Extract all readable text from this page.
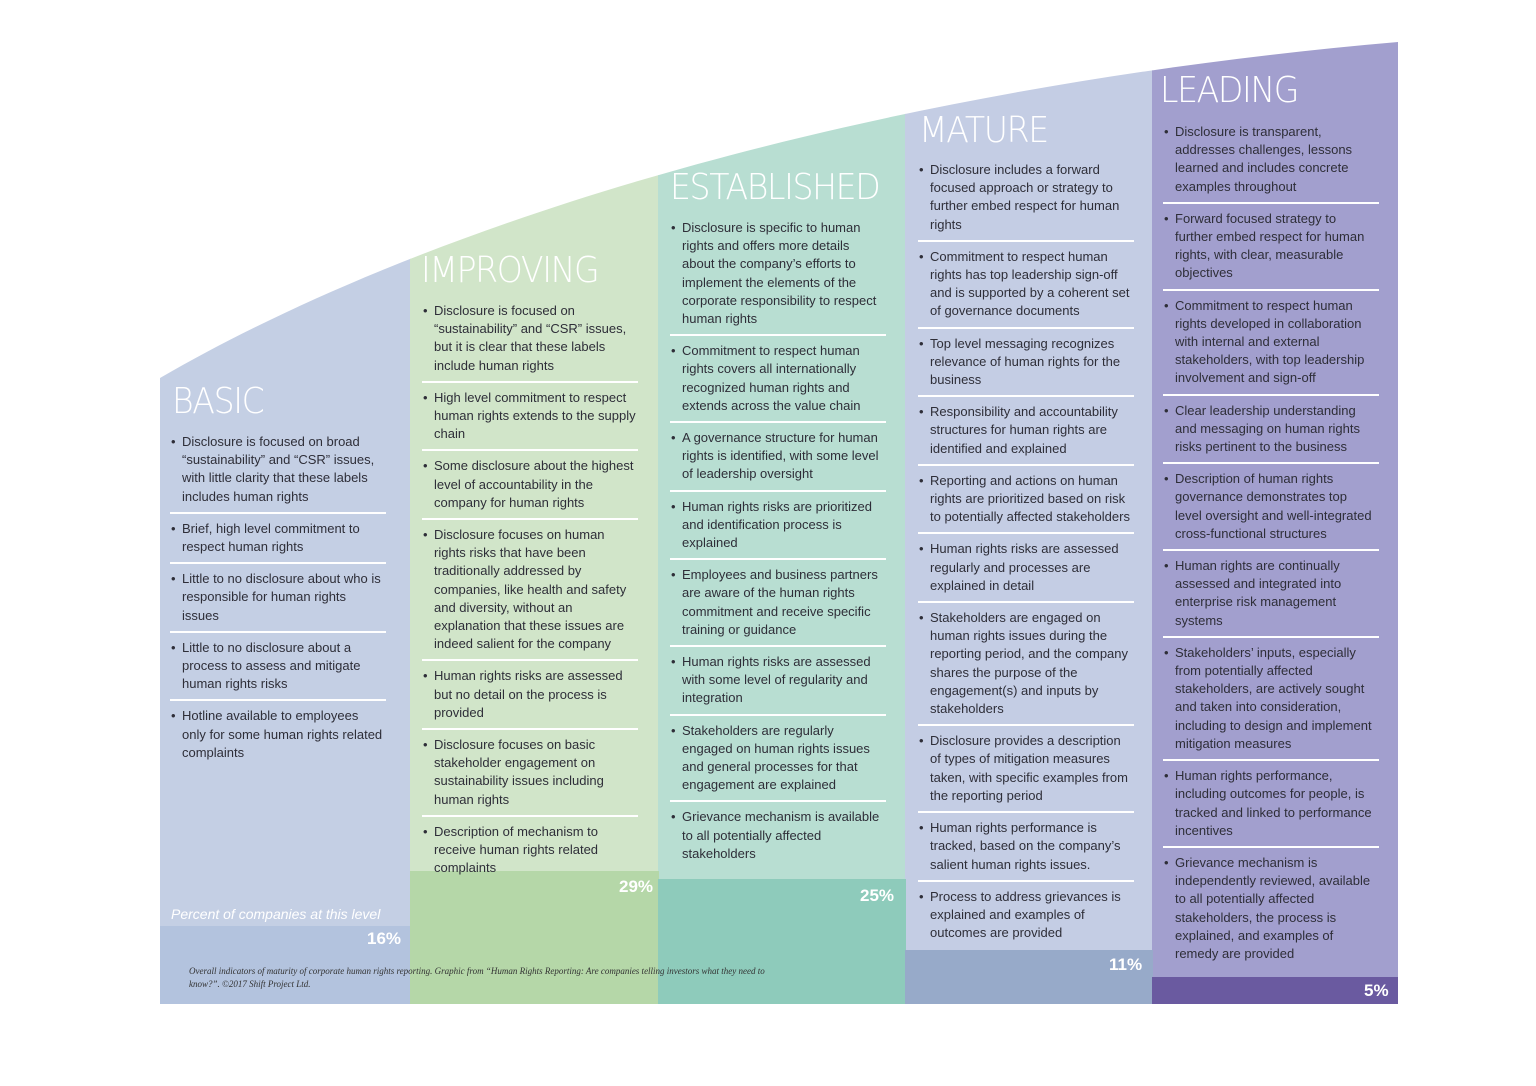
BASIC
• Disclosure is focused on broad “sustainability” and “CSR” issues, with little clarity that these labels includes human rights
• Brief, high level commitment to respect human rights
• Little to no disclosure about who is responsible for human rights issues
• Little to no disclosure about a process to assess and mitigate human rights risks
• Hotline available to employees only for some human rights related complaints
Percent of companies at this level
16%
IMPROVING
• Disclosure is focused on “sustainability” and “CSR” issues, but it is clear that these labels include human rights
• High level commitment to respect human rights extends to the supply chain
• Some disclosure about the highest level of accountability in the company for human rights
• Disclosure focuses on human rights risks that have been traditionally addressed by companies, like health and safety and diversity, without an explanation that these issues are indeed salient for the company
• Human rights risks are assessed but no detail on the process is provided
• Disclosure focuses on basic stakeholder engagement on sustainability issues including human rights
• Description of mechanism to receive human rights related complaints
29%
ESTABLISHED
• Disclosure is specific to human rights and offers more details about the company’s efforts to implement the elements of the corporate responsibility to respect human rights
• Commitment to respect human rights covers all internationally recognized human rights and extends across the value chain
• A governance structure for human rights is identified, with some level of leadership oversight
• Human rights risks are prioritized and identification process is explained
• Employees and business partners are aware of the human rights commitment and receive specific training or guidance
• Human rights risks are assessed with some level of regularity and integration
• Stakeholders are regularly engaged on human rights issues and general processes for that engagement are explained
• Grievance mechanism is available to all potentially affected stakeholders
25%
MATURE
• Disclosure includes a forward focused approach or strategy to further embed respect for human rights
• Commitment to respect human rights has top leadership sign-off and is supported by a coherent set of governance documents
• Top level messaging recognizes relevance of human rights for the business
• Responsibility and accountability structures for human rights are identified and explained
• Reporting and actions on human rights are prioritized based on risk to potentially affected stakeholders
• Human rights risks are assessed regularly and processes are explained in detail
• Stakeholders are engaged on human rights issues during the reporting period, and the company shares the purpose of the engagement(s) and inputs by stakeholders
• Disclosure provides a description of types of mitigation measures taken, with specific examples from the reporting period
• Human rights performance is tracked, based on the company’s salient human rights issues.
• Process to address grievances is explained and examples of outcomes are provided
11%
LEADING
• Disclosure is transparent, addresses challenges, lessons learned and includes concrete examples throughout
• Forward focused strategy to further embed respect for human rights, with clear, measurable objectives
• Commitment to respect human rights developed in collaboration with internal and external stakeholders, with top leadership involvement and sign-off
• Clear leadership understanding and messaging on human rights risks pertinent to the business
• Description of human rights governance demonstrates top level oversight and well-integrated cross-functional structures
• Human rights are continually assessed and integrated into enterprise risk management systems
• Stakeholders’ inputs, especially from potentially affected stakeholders, are actively sought and taken into consideration, including to design and implement mitigation measures
• Human rights performance, including outcomes for people, is tracked and linked to performance incentives
• Grievance mechanism is independently reviewed, available to all potentially affected stakeholders, the process is explained, and examples of remedy are provided
5%

Overall indicators of maturity of corporate human rights reporting. Graphic from “Human Rights Reporting: Are companies telling investors what they need to know?”. ©2017 Shift Project Ltd.
